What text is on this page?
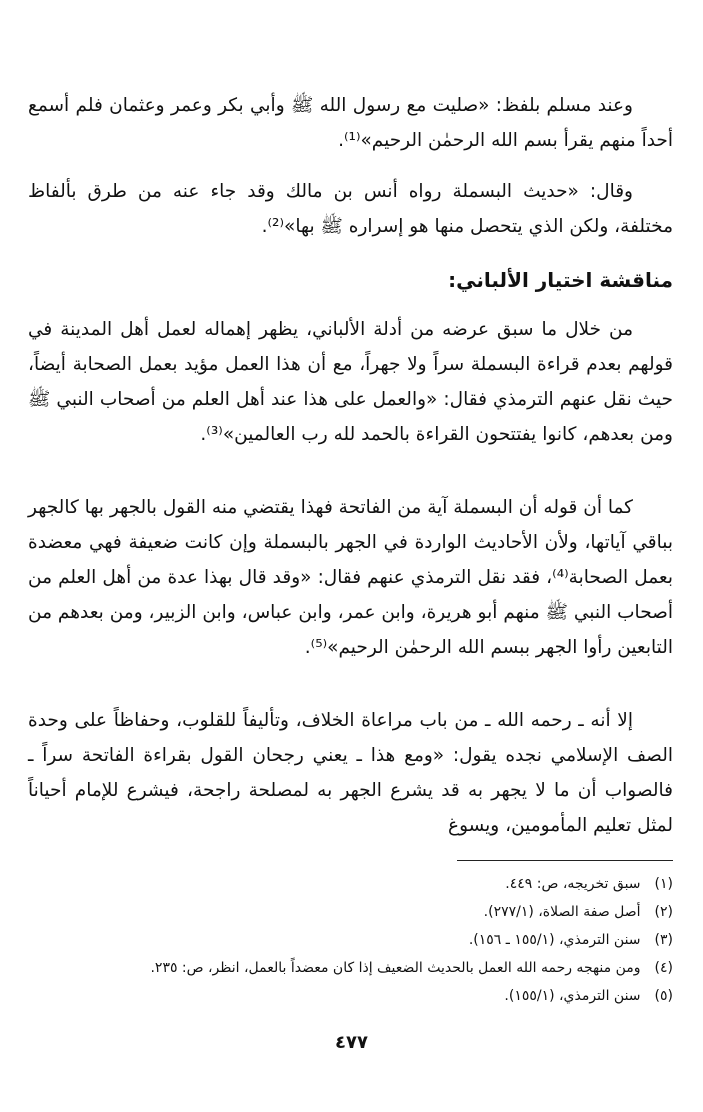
وعند مسلم بلفظ: «صليت مع رسول الله ﷺ وأبي بكر وعمر وعثمان فلم أسمع أحداً منهم يقرأ بسم الله الرحمٰن الرحيم»⁽¹⁾.

وقال: «حديث البسملة رواه أنس بن مالك وقد جاء عنه من طرق بألفاظ مختلفة، ولكن الذي يتحصل منها هو إسراره ﷺ بها»⁽²⁾.

مناقشة اختيار الألباني:

من خلال ما سبق عرضه من أدلة الألباني، يظهر إهماله لعمل أهل المدينة في قولهم بعدم قراءة البسملة سراً ولا جهراً، مع أن هذا العمل مؤيد بعمل الصحابة أيضاً، حيث نقل عنهم الترمذي فقال: «والعمل على هذا عند أهل العلم من أصحاب النبي ﷺ ومن بعدهم، كانوا يفتتحون القراءة بالحمد لله رب العالمين»⁽³⁾.

كما أن قوله أن البسملة آية من الفاتحة فهذا يقتضي منه القول بالجهر بها كالجهر بباقي آياتها، ولأن الأحاديث الواردة في الجهر بالبسملة وإن كانت ضعيفة فهي معضدة بعمل الصحابة⁽⁴⁾، فقد نقل الترمذي عنهم فقال: «وقد قال بهذا عدة من أهل العلم من أصحاب النبي ﷺ منهم أبو هريرة، وابن عمر، وابن عباس، وابن الزبير، ومن بعدهم من التابعين رأوا الجهر ببسم الله الرحمٰن الرحيم»⁽⁵⁾.

إلا أنه ـ رحمه الله ـ من باب مراعاة الخلاف، وتأليفاً للقلوب، وحفاظاً على وحدة الصف الإسلامي نجده يقول: «ومع هذا ـ يعني رجحان القول بقراءة الفاتحة سراً ـ فالصواب أن ما لا يجهر به قد يشرع الجهر به لمصلحة راجحة، فيشرع للإمام أحياناً لمثل تعليم المأمومين، ويسوغ

(١)سبق تخريجه، ص: ٤٤٩.
(٢)أصل صفة الصلاة، (٢٧٧/١).
(٣)سنن الترمذي، (١٥٥/١ ـ ١٥٦).
(٤)ومن منهجه رحمه الله العمل بالحديث الضعيف إذا كان معضداً بالعمل، انظر، ص: ٢٣٥.
(٥)سنن الترمذي، (١٥٥/١).
٤٧٧
